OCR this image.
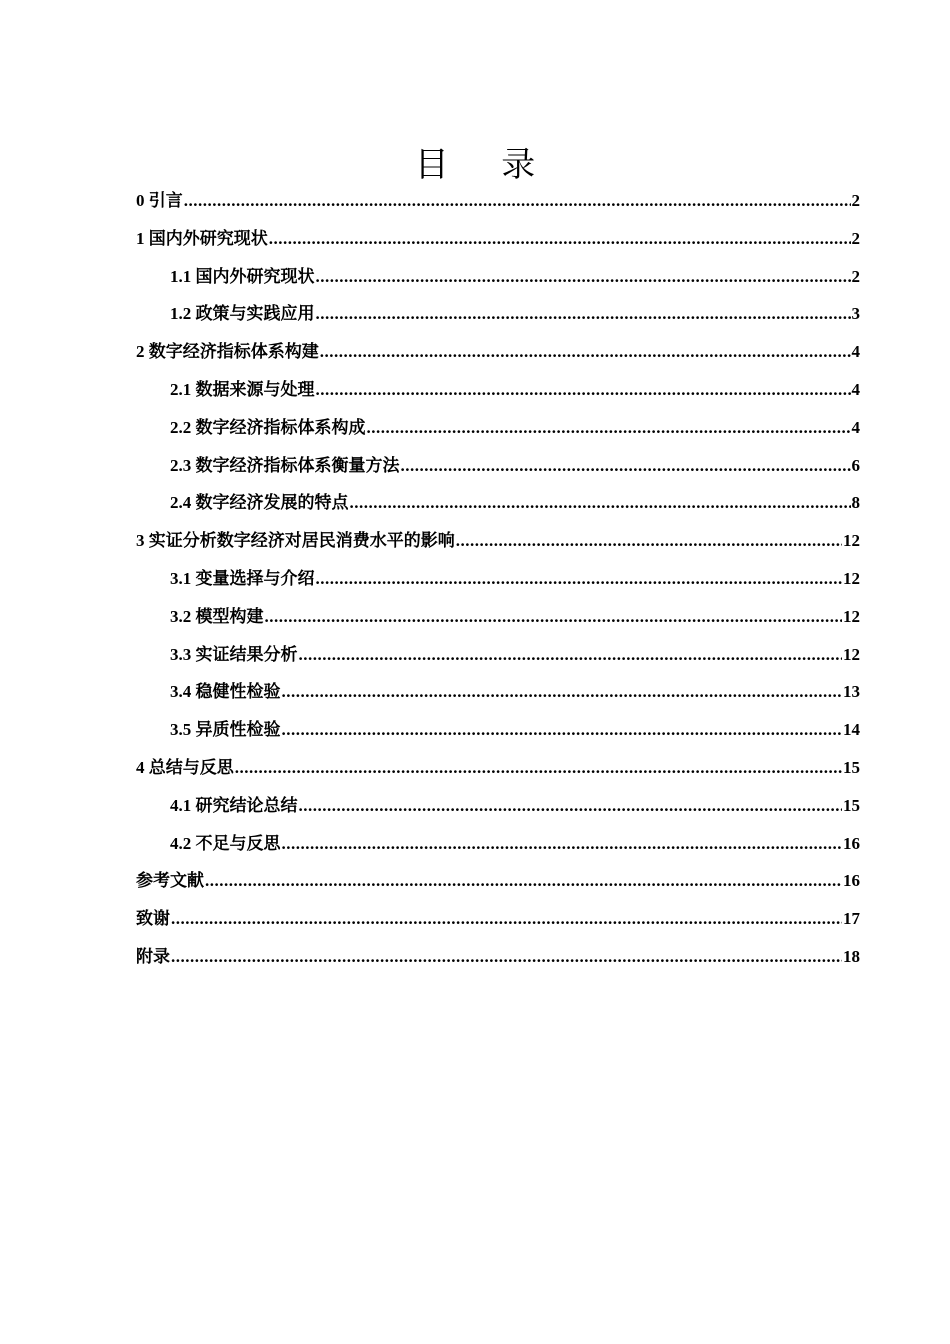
目 录
0 引言 .....	2
1 国内外研究现状 .....	2
1.1 国内外研究现状 .....	2
1.2 政策与实践应用 .....	3
2 数字经济指标体系构建 .....	4
2.1 数据来源与处理 .....	4
2.2 数字经济指标体系构成 .....	4
2.3 数字经济指标体系衡量方法 .....	6
2.4 数字经济发展的特点 .....	8
3 实证分析数字经济对居民消费水平的影响 .....	12
3.1 变量选择与介绍 .....	12
3.2 模型构建 .....	12
3.3 实证结果分析 .....	12
3.4 稳健性检验 .....	13
3.5 异质性检验 .....	14
4 总结与反思 .....	15
4.1 研究结论总结 .....	15
4.2 不足与反思 .....	16
参考文献 .....	16
致谢 .....	17
附录 .....	18
